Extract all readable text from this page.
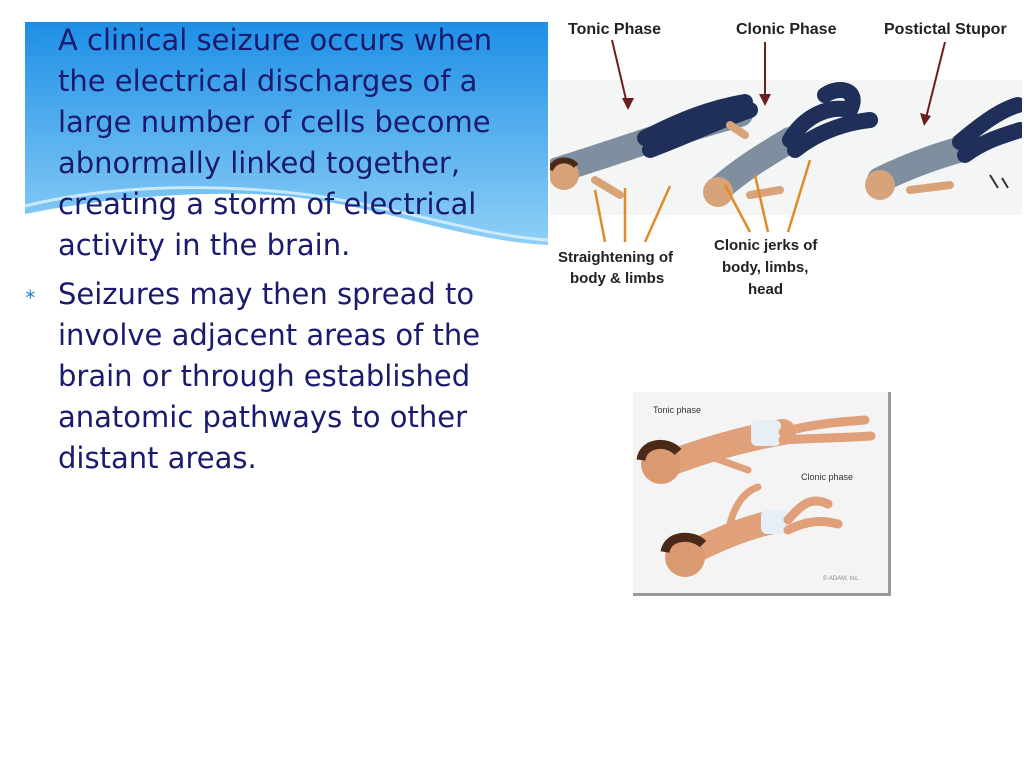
∗ A clinical seizure occurs when the electrical discharges of a large number of cells become abnormally linked together, creating a storm of electrical activity in the brain.
∗ Seizures may then spread to involve adjacent areas of the brain or through established anatomic pathways to other distant areas.
Tonic Phase	Clonic Phase	Postictal Stupor
Straightening of
body & limbs
Clonic jerks of
body, limbs,
head
Tonic phase
Clonic phase
© ADAM, Inc.
